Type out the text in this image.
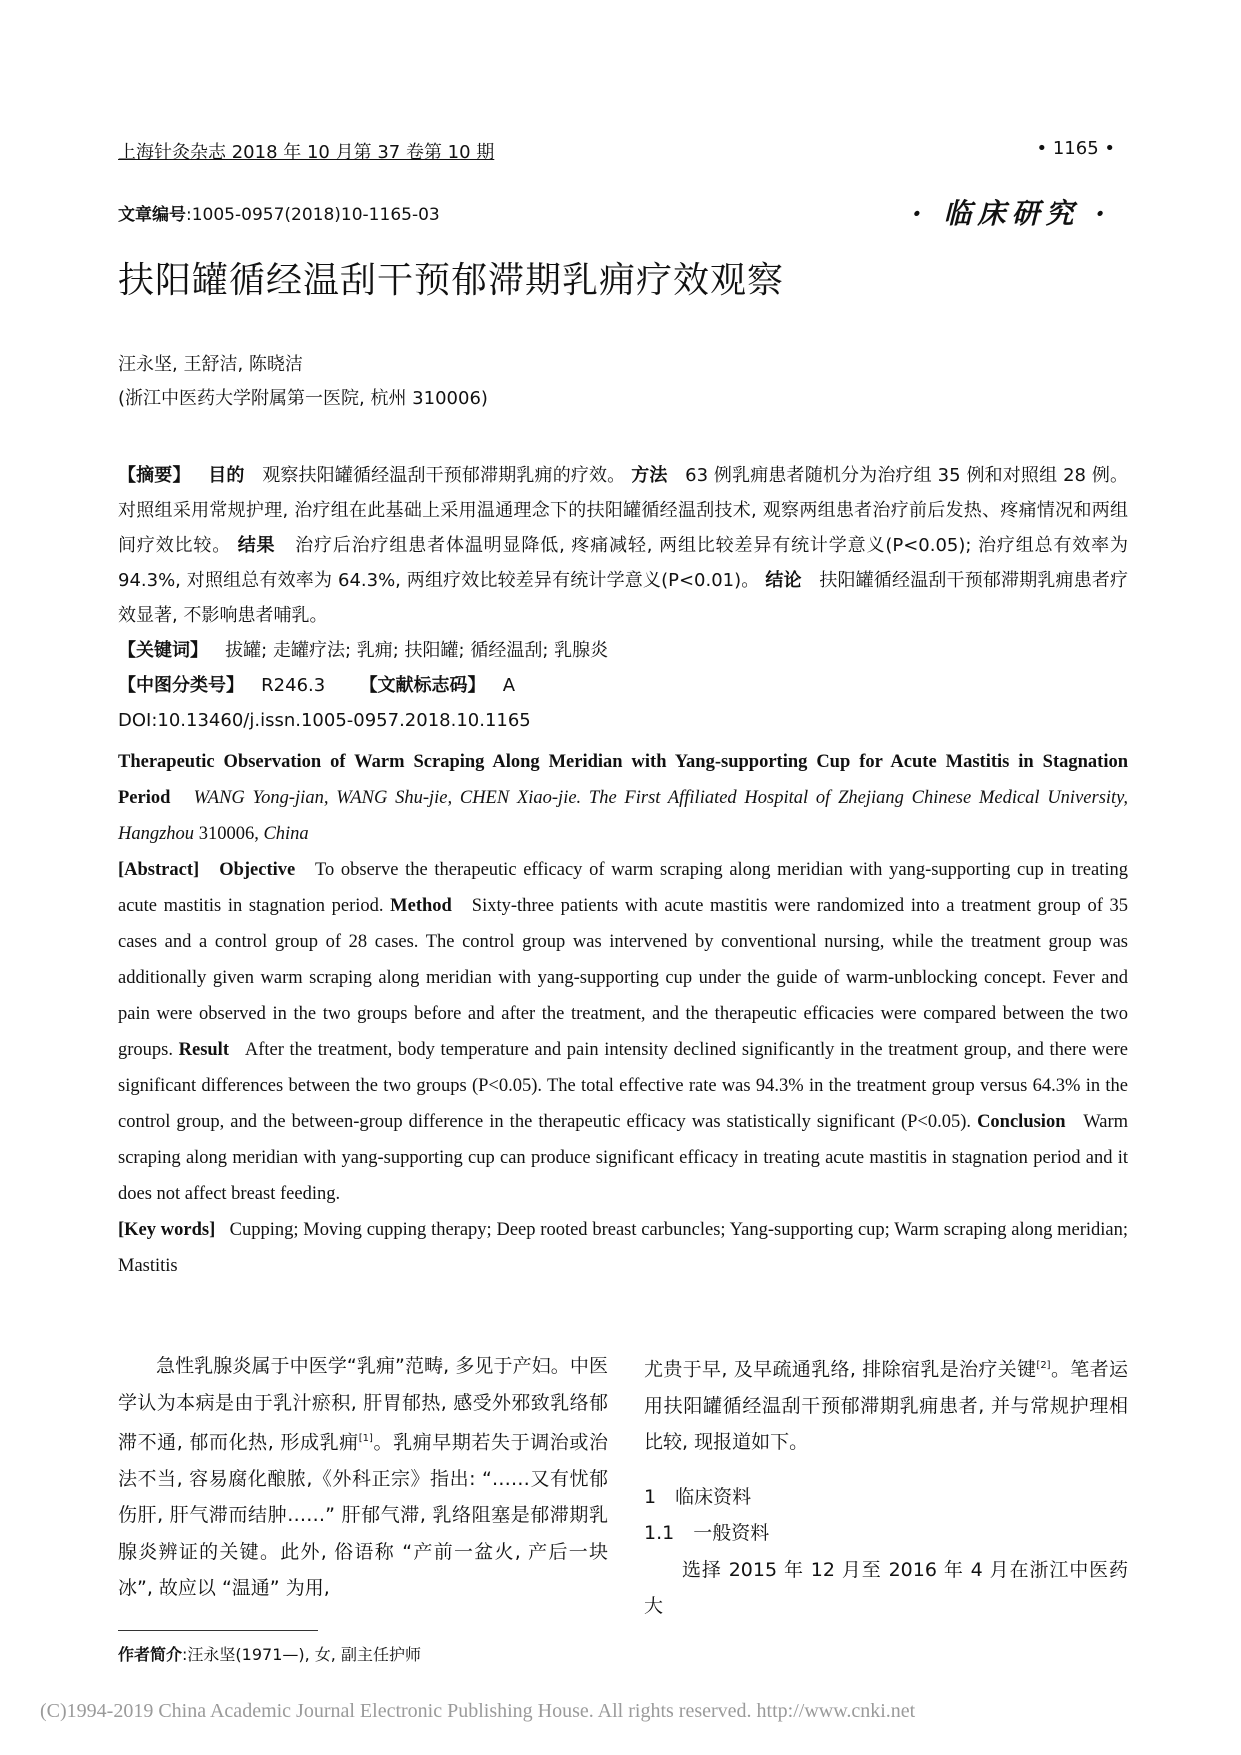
上海针灸杂志 2018 年 10 月第 37 卷第 10 期	• 1165 •
文章编号:1005-0957(2018)10-1165-03	· 临床研究 ·
扶阳罐循经温刮干预郁滞期乳痈疗效观察
汪永坚, 王舒洁, 陈晓洁
(浙江中医药大学附属第一医院, 杭州 310006)

【摘要】 目的 观察扶阳罐循经温刮干预郁滞期乳痈的疗效。 方法 63 例乳痈患者随机分为治疗组 35 例和对照组 28 例。对照组采用常规护理, 治疗组在此基础上采用温通理念下的扶阳罐循经温刮技术, 观察两组患者治疗前后发热、疼痛情况和两组间疗效比较。 结果 治疗后治疗组患者体温明显降低, 疼痛减轻, 两组比较差异有统计学意义(P<0.05); 治疗组总有效率为 94.3%, 对照组总有效率为 64.3%, 两组疗效比较差异有统计学意义(P<0.01)。 结论 扶阳罐循经温刮干预郁滞期乳痈患者疗效显著, 不影响患者哺乳。

【关键词】 拔罐; 走罐疗法; 乳痈; 扶阳罐; 循经温刮; 乳腺炎

【中图分类号】 R246.3 【文献标志码】 A

DOI:10.13460/j.issn.1005-0957.2018.10.1165

Therapeutic Observation of Warm Scraping Along Meridian with Yang-supporting Cup for Acute Mastitis in Stagnation Period WANG Yong-jian, WANG Shu-jie, CHEN Xiao-jie. The First Affiliated Hospital of Zhejiang Chinese Medical University, Hangzhou 310006, China

[Abstract] Objective To observe the therapeutic efficacy of warm scraping along meridian with yang-supporting cup in treating acute mastitis in stagnation period. Method Sixty-three patients with acute mastitis were randomized into a treatment group of 35 cases and a control group of 28 cases. The control group was intervened by conventional nursing, while the treatment group was additionally given warm scraping along meridian with yang-supporting cup under the guide of warm-unblocking concept. Fever and pain were observed in the two groups before and after the treatment, and the therapeutic efficacies were compared between the two groups. Result After the treatment, body temperature and pain intensity declined significantly in the treatment group, and there were significant differences between the two groups (P<0.05). The total effective rate was 94.3% in the treatment group versus 64.3% in the control group, and the between-group difference in the therapeutic efficacy was statistically significant (P<0.05). Conclusion Warm scraping along meridian with yang-supporting cup can produce significant efficacy in treating acute mastitis in stagnation period and it does not affect breast feeding.

[Key words] Cupping; Moving cupping therapy; Deep rooted breast carbuncles; Yang-supporting cup; Warm scraping along meridian; Mastitis

急性乳腺炎属于中医学“乳痈”范畴, 多见于产妇。中医学认为本病是由于乳汁瘀积, 肝胃郁热, 感受外邪致乳络郁滞不通, 郁而化热, 形成乳痈[1]。乳痈早期若失于调治或治法不当, 容易腐化酿脓,《外科正宗》指出: “……又有忧郁伤肝, 肝气滞而结肿……” 肝郁气滞, 乳络阻塞是郁滞期乳腺炎辨证的关键。此外, 俗语称 “产前一盆火, 产后一块冰”, 故应以 “温通” 为用,

尤贵于早, 及早疏通乳络, 排除宿乳是治疗关键[2]。笔者运用扶阳罐循经温刮干预郁滞期乳痈患者, 并与常规护理相比较, 现报道如下。

1　临床资料

1.1　一般资料

选择 2015 年 12 月至 2016 年 4 月在浙江中医药大

作者简介:汪永坚(1971—), 女, 副主任护师
(C)1994-2019 China Academic Journal Electronic Publishing House. All rights reserved. http://www.cnki.net
